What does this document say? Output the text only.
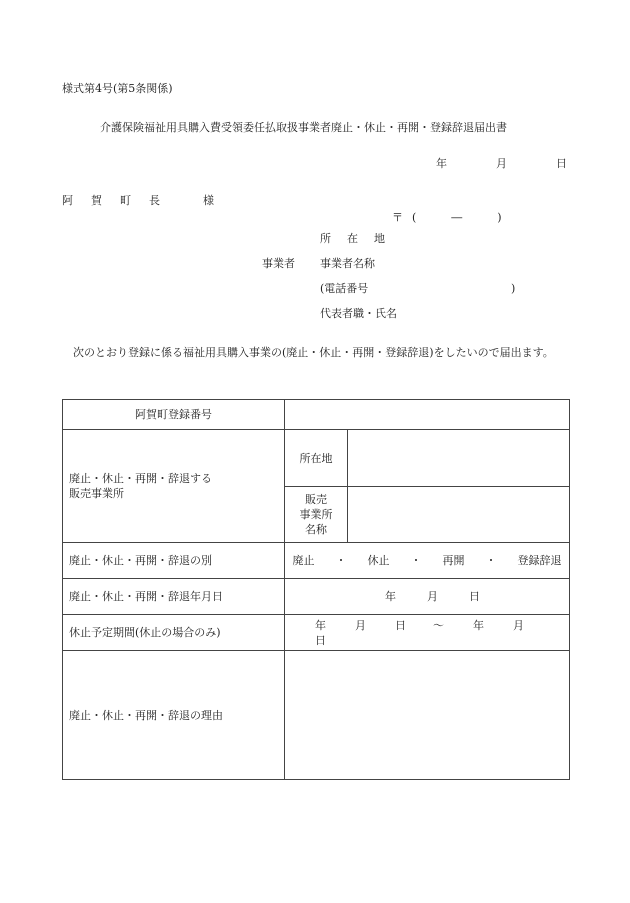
様式第4号(第5条関係)
介護保険福祉用具購入費受領委任払取扱事業者廃止・休止・再開・登録辞退届出書
年	月	日
阿 賀 町 長	様
〒 (	―	)
所 在 地
事業者 事業者名称
(電話番号	)
代表者職・氏名
次のとおり登録に係る福祉用具購入事業の(廃止・休止・再開・登録辞退)をしたいので届出ます。
阿賀町登録番号		
廃止・休止・再開・辞退する販売事業所	所在地	

	販売
事業所
名称	

廃止・休止・再開・辞退の別	廃止 ・ 休止 ・ 再開 ・ 登録辞退	
廃止・休止・再開・辞退年月日	年 月 日	
休止予定期間(休止の場合のみ)	年 月 日 ～ 年 月  日	
廃止・休止・再開・辞退の理由		
